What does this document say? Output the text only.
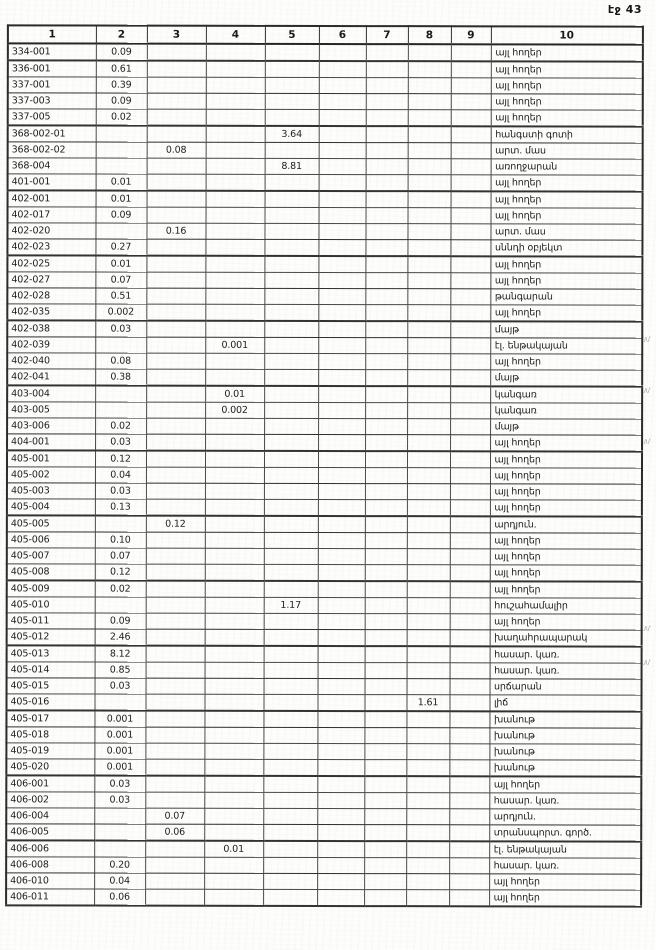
էջ 43
1	2	3	4	5	6	7	8	9	10
334-001	0.09								այլ հողեր
336-001	0.61								այլ հողեր
337-001	0.39								այլ հողեր
337-003	0.09								այլ հողեր
337-005	0.02								այլ հողեր
368-002-01				3.64					հանգստի գոտի
368-002-02		0.08							արտ. մաս
368-004				8.81					առողջարան
401-001	0.01								այլ հողեր
402-001	0.01								այլ հողեր
402-017	0.09								այլ հողեր
402-020		0.16							արտ. մաս
402-023	0.27								սննդի օբյեկտ
402-025	0.01								այլ հողեր
402-027	0.07								այլ հողեր
402-028	0.51								թանգարան
402-035	0.002								այլ հողեր
402-038	0.03								մայթ
402-039			0.001						էլ. ենթակայան
402-040	0.08								այլ հողեր
402-041	0.38								մայթ
403-004			0.01						կանգառ
403-005			0.002						կանգառ
403-006	0.02								մայթ
404-001	0.03								այլ հողեր
405-001	0.12								այլ հողեր
405-002	0.04								այլ հողեր
405-003	0.03								այլ հողեր
405-004	0.13								այլ հողեր
405-005		0.12							արդյուն.
405-006	0.10								այլ հողեր
405-007	0.07								այլ հողեր
405-008	0.12								այլ հողեր
405-009	0.02								այլ հողեր
405-010				1.17					հուշահամալիր
405-011	0.09								այլ հողեր
405-012	2.46								խաղահրապարակ
405-013	8.12								հասար. կառ.
405-014	0.85								հասար. կառ.
405-015	0.03								սրճարան
405-016							1.61		լիճ
405-017	0.001								խանութ
405-018	0.001								խանութ
405-019	0.001								խանութ
405-020	0.001								խանութ
406-001	0.03								այլ հողեր
406-002	0.03								հասար. կառ.
406-004		0.07							արդյուն.
406-005		0.06							տրանսպորտ. գործ.
406-006			0.01						էլ. ենթակայան
406-008	0.20								հասար. կառ.
406-010	0.04								այլ հողեր
406-011	0.06								այլ հողեր
յմ
յմ
յմ
յմ
յմ
